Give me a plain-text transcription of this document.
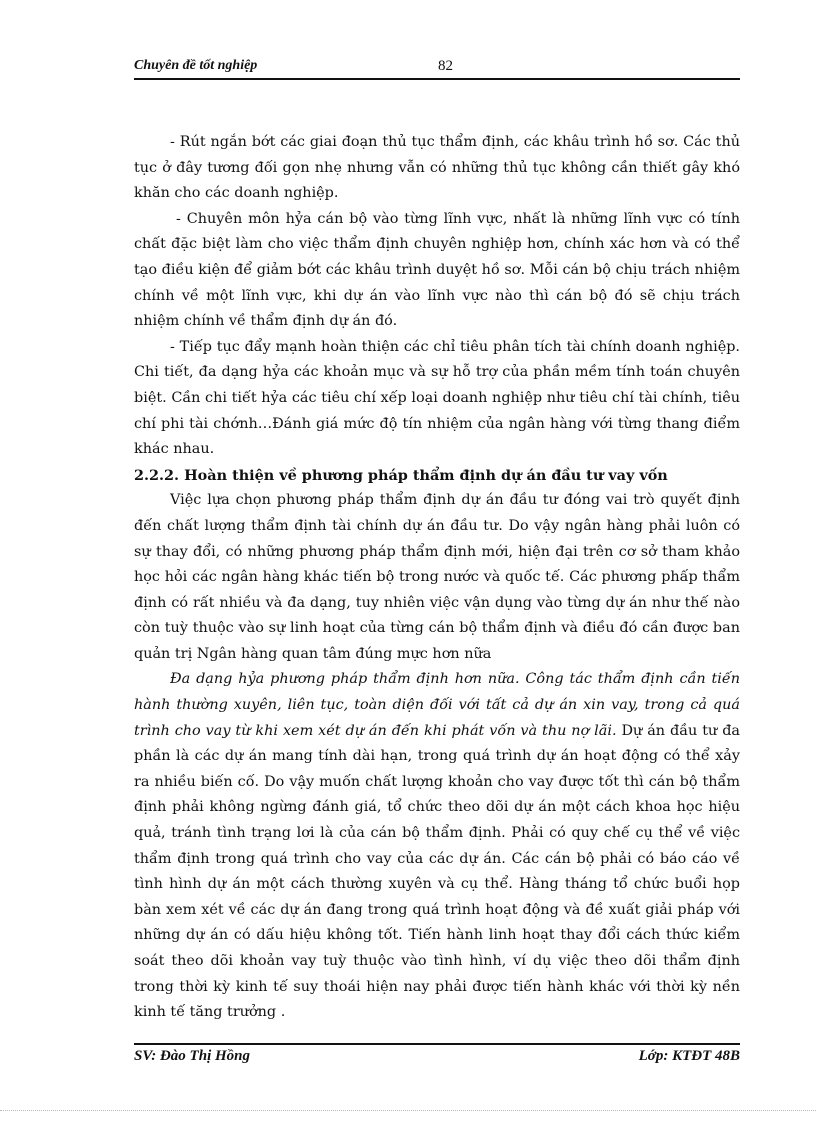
Chuyên đề tốt nghiệp	82

- Rút ngắn bớt các giai đoạn thủ tục thẩm định, các khâu trình hồ sơ. Các thủ tục ở đây tương đối gọn nhẹ nhưng vẫn có những thủ tục không cần thiết gây khó khăn cho các doanh nghiệp.

- Chuyên môn hỷa cán bộ vào từng lĩnh vực, nhất là những lĩnh vực có tính chất đặc biệt làm cho việc thẩm định chuyên nghiệp hơn, chính xác hơn và có thể tạo điều kiện để giảm bớt các khâu trình duyệt hồ sơ. Mỗi cán bộ chịu trách nhiệm chính về một lĩnh vực, khi dự án vào lĩnh vực nào thì cán bộ đó sẽ chịu trách nhiệm chính về thẩm định dự án đó.

- Tiếp tục đẩy mạnh hoàn thiện các chỉ tiêu phân tích tài chính doanh nghiệp. Chi tiết, đa dạng hỷa các khoản mục và sự hỗ trợ của phần mềm tính toán chuyên biệt. Cần chi tiết hỷa các tiêu chí xếp loại doanh nghiệp như tiêu chí tài chính, tiêu chí phi tài chớnh…Đánh giá mức độ tín nhiệm của ngân hàng với từng thang điểm khác nhau.

2.2.2. Hoàn thiện về phương pháp thẩm định dự án đầu tư vay vốn

Việc lựa chọn phương pháp thẩm định dự án đầu tư đóng vai trò quyết định đến chất lượng thẩm định tài chính dự án đầu tư. Do vậy ngân hàng phải luôn có sự thay đổi, có những phương pháp thẩm định mới, hiện đại trên cơ sở tham khảo học hỏi các ngân hàng khác tiến bộ trong nước và quốc tế. Các phương phấp thẩm định có rất nhiều và đa dạng, tuy nhiên việc vận dụng vào từng dự án như thế nào còn tuỳ thuộc vào sự linh hoạt của từng cán bộ thẩm định và điều đó cần được ban quản trị Ngân hàng quan tâm đúng mực hơn nữa

Đa dạng hỷa phương pháp thẩm định hơn nữa. Công tác thẩm định cần tiến hành thường xuyên, liên tục, toàn diện đối với tất cả dự án xin vay, trong cả quá trình cho vay từ khi xem xét dự án đến khi phát vốn và thu nợ lãi. Dự án đầu tư đa phần là các dự án mang tính dài hạn, trong quá trình dự án hoạt động có thể xảy ra nhiều biến cố. Do vậy muốn chất lượng khoản cho vay được tốt thì cán bộ thẩm định phải không ngừng đánh giá, tổ chức theo dõi dự án một cách khoa học hiệu quả, tránh tình trạng lơi là của cán bộ thẩm định. Phải có quy chế cụ thể về việc thẩm định trong quá trình cho vay của các dự án. Các cán bộ phải có báo cáo về tình hình dự án một cách thường xuyên và cụ thể. Hàng tháng tổ chức buổi họp bàn xem xét về các dự án đang trong quá trình hoạt động và đề xuất giải pháp với những dự án có dấu hiệu không tốt. Tiến hành linh hoạt thay đổi cách thức kiểm soát theo dõi khoản vay tuỳ thuộc vào tình hình, ví dụ việc theo dõi thẩm định trong thời kỳ kinh tế suy thoái hiện nay phải được tiến hành khác với thời kỳ nền kinh tế tăng trưởng .

SV: Đào Thị Hồng	Lớp: KTĐT 48B
